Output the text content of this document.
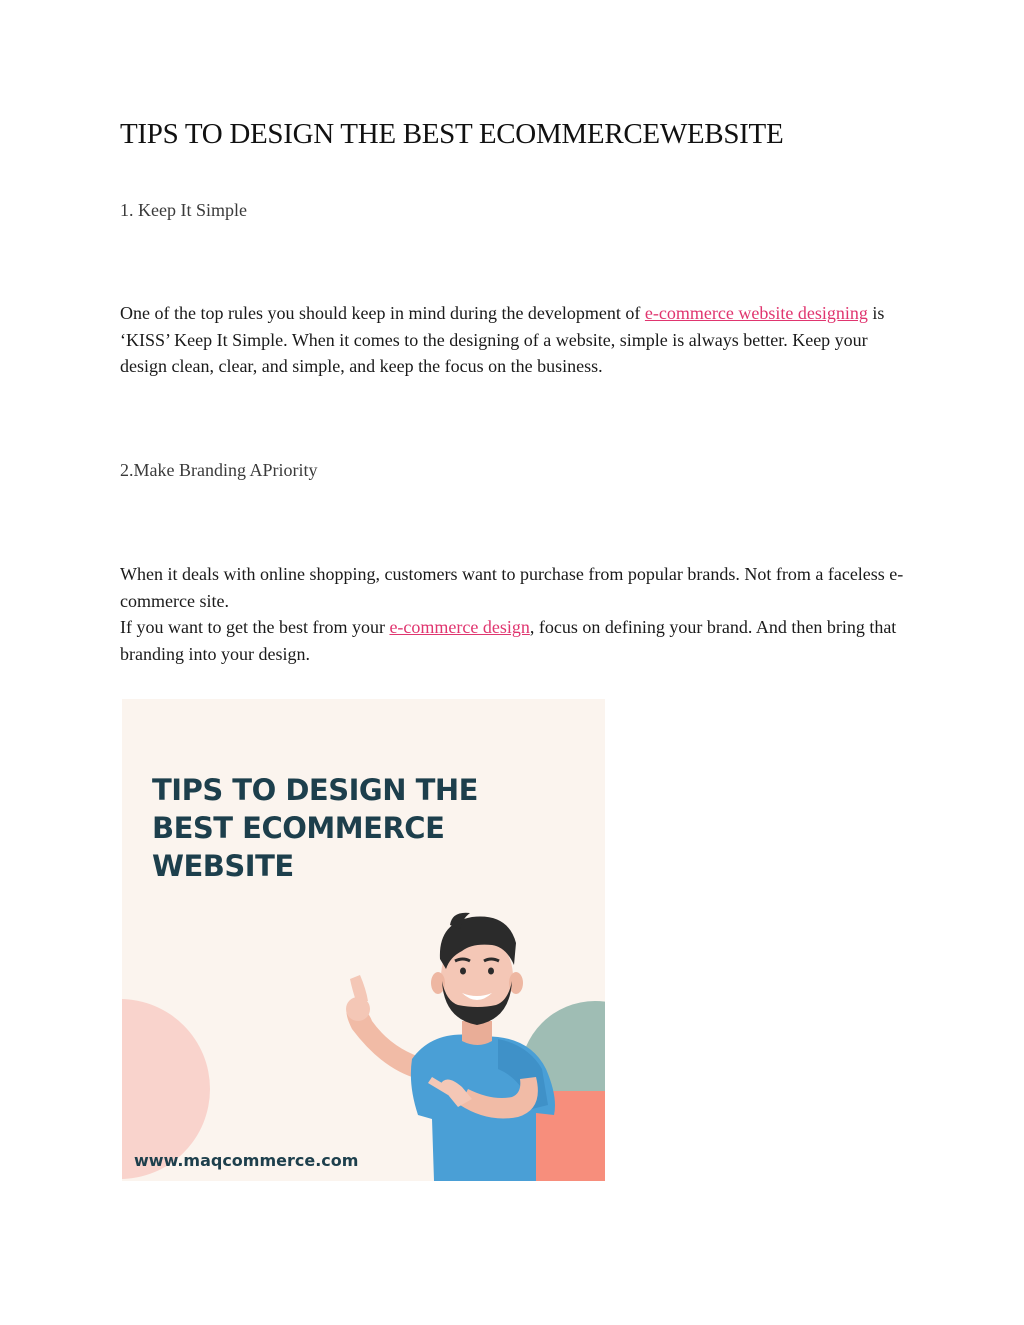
TIPS TO DESIGN THE BEST ECOMMERCEWEBSITE
1. Keep It Simple

One of the top rules you should keep in mind during the development of e-commerce website designing is ‘KISS’ Keep It Simple. When it comes to the designing of a website, simple is always better. Keep your design clean, clear, and simple, and keep the focus on the business.

2.Make Branding APriority

When it deals with online shopping, customers want to purchase from popular brands. Not from a faceless e-commerce site.
If you want to get the best from your e-commerce design, focus on defining your brand. And then bring that branding into your design.

TIPS TO DESIGN THE
BEST ECOMMERCE
WEBSITE
www.maqcommerce.com
